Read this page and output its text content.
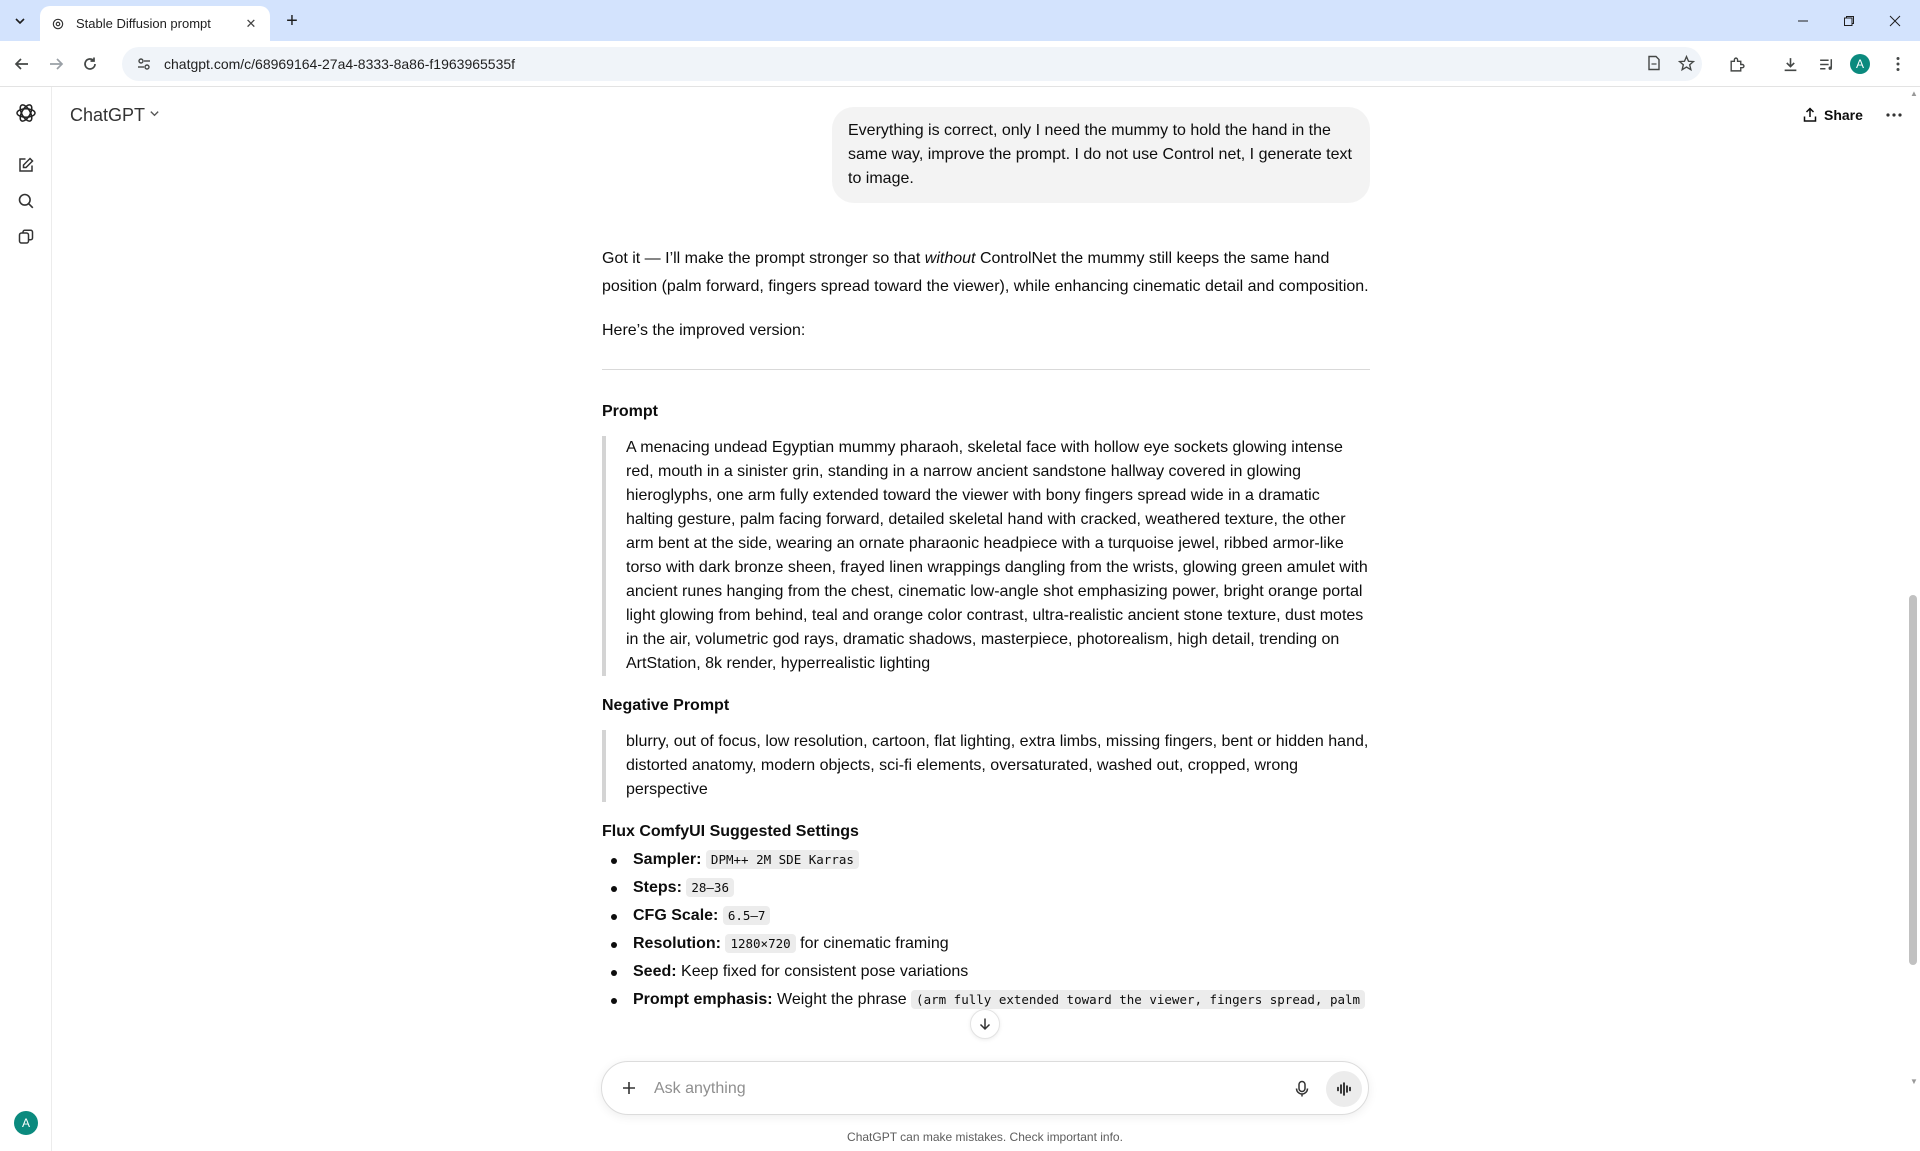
Stable Diffusion prompt	✕	+
chatgpt.com/c/68969164-27a4-8333-8a86-f1963965535f	A
A
ChatGPT	Share
▲
▼
Everything is correct, only I need the mummy to hold the hand in the same way, improve the prompt. I do not use Control net, I generate text to image.

Got it — I’ll make the prompt stronger so that without ControlNet the mummy still keeps the same hand position (palm forward, fingers spread toward the viewer), while enhancing cinematic detail and composition.

Here’s the improved version:

Prompt
A menacing undead Egyptian mummy pharaoh, skeletal face with hollow eye sockets glowing intense red, mouth in a sinister grin, standing in a narrow ancient sandstone hallway covered in glowing hieroglyphs, one arm fully extended toward the viewer with bony fingers spread wide in a dramatic halting gesture, palm facing forward, detailed skeletal hand with cracked, weathered texture, the other arm bent at the side, wearing an ornate pharaonic headpiece with a turquoise jewel, ribbed armor-like torso with dark bronze sheen, frayed linen wrappings dangling from the wrists, glowing green amulet with ancient runes hanging from the chest, cinematic low-angle shot emphasizing power, bright orange portal light glowing from behind, teal and orange color contrast, ultra-realistic ancient stone texture, dust motes in the air, volumetric god rays, dramatic shadows, masterpiece, photorealism, high detail, trending on ArtStation, 8k render, hyperrealistic lighting
Negative Prompt
blurry, out of focus, low resolution, cartoon, flat lighting, extra limbs, missing fingers, bent or hidden hand, distorted anatomy, modern objects, sci-fi elements, oversaturated, washed out, cropped, wrong perspective
Flux ComfyUI Suggested Settings
Sampler: DPM++ 2M SDE Karras
Steps: 28–36
CFG Scale: 6.5–7
Resolution: 1280×720 for cinematic framing
Seed: Keep fixed for consistent pose variations
Prompt emphasis: Weight the phrase (arm fully extended toward the viewer, fingers spread, palm
Ask anything
ChatGPT can make mistakes. Check important info.
